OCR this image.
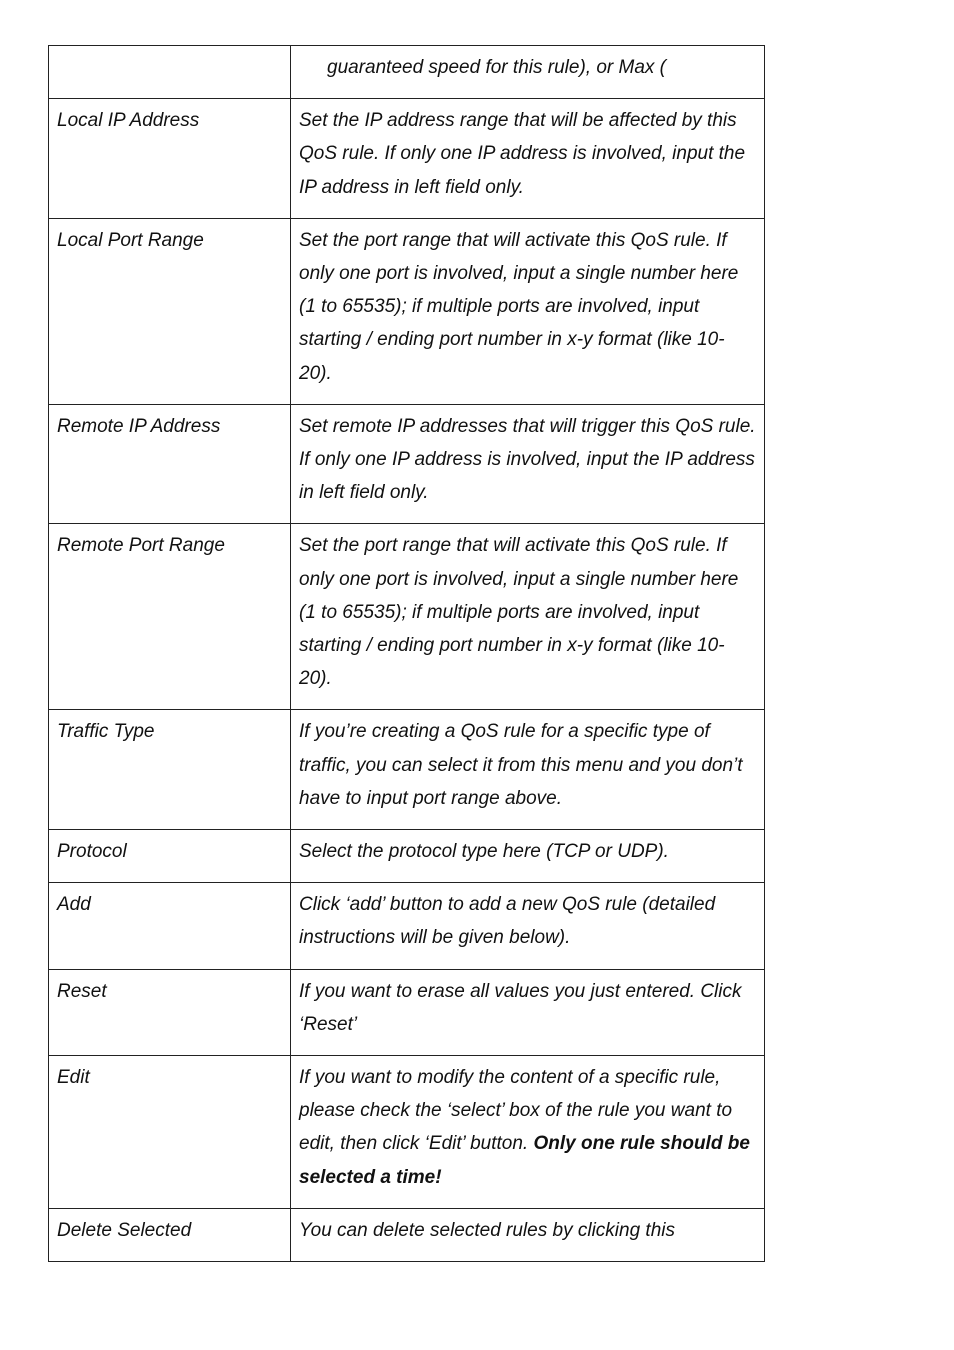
	guaranteed speed for this rule), or Max (
Local IP Address	Set the IP address range that will be affected by this QoS rule. If only one IP address is involved, input the IP address in left field only.
Local Port Range	Set the port range that will activate this QoS rule. If only one port is involved, input a single number here (1 to 65535); if multiple ports are involved, input starting / ending port number in x-y format (like 10-20).
Remote IP Address	Set remote IP addresses that will trigger this QoS rule. If only one IP address is involved, input the IP address in left field only.
Remote Port Range	Set the port range that will activate this QoS rule. If only one port is involved, input a single number here (1 to 65535); if multiple ports are involved, input starting / ending port number in x-y format (like 10-20).
Traffic Type	If you’re creating a QoS rule for a specific type of traffic, you can select it from this menu and you don’t have to input port range above.
Protocol	Select the protocol type here (TCP or UDP).
Add	Click ‘add’ button to add a new QoS rule (detailed instructions will be given below).
Reset	If you want to erase all values you just entered. Click ‘Reset’
Edit	If you want to modify the content of a specific rule, please check the ‘select’ box of the rule you want to edit, then click ‘Edit’ button. Only one rule should be selected a time!
Delete Selected	You can delete selected rules by clicking this
